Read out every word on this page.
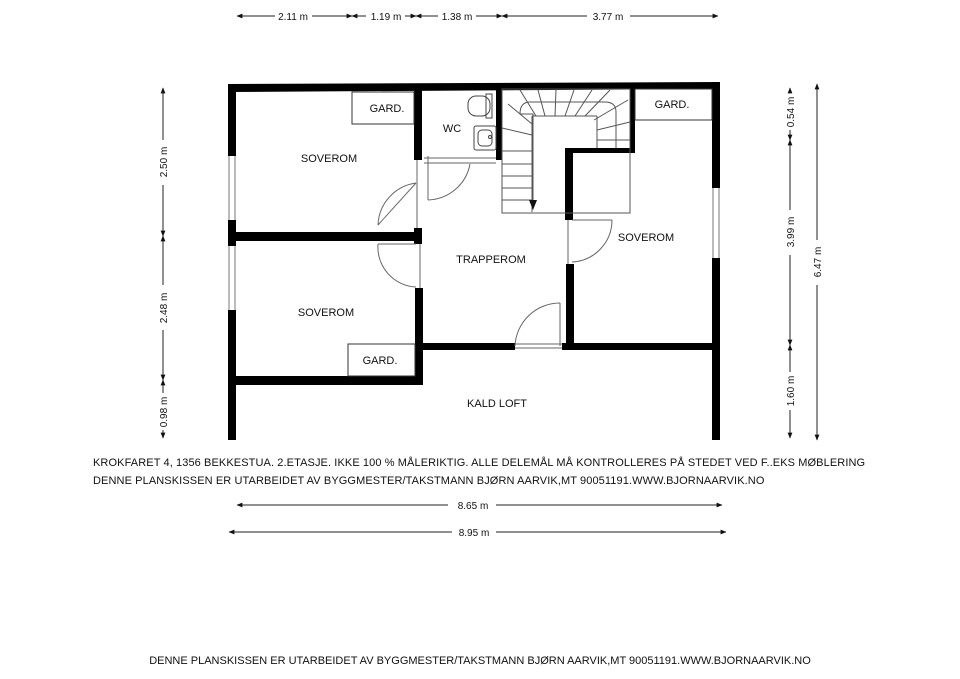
2.11 m	1.19 m	1.38 m	3.77 m
2.50 m
2.48 m
0.98 m
0.54 m
3.99 m
1.60 m
6.47 m
SOVEROM
GARD.
WC
GARD.
SOVEROM
TRAPPEROM
SOVEROM
GARD.
KALD LOFT
8.65 m
8.95 m
KROKFARET 4, 1356 BEKKESTUA. 2.ETASJE. IKKE 100 % MÅLERIKTIG. ALLE DELEMÅL MÅ KONTROLLERES PÅ STEDET VED F..EKS MØBLERING
DENNE PLANSKISSEN ER UTARBEIDET AV BYGGMESTER/TAKSTMANN BJØRN AARVIK,MT 90051191.WWW.BJORNAARVIK.NO
DENNE PLANSKISSEN ER UTARBEIDET AV BYGGMESTER/TAKSTMANN BJØRN AARVIK,MT 90051191.WWW.BJORNAARVIK.NO
